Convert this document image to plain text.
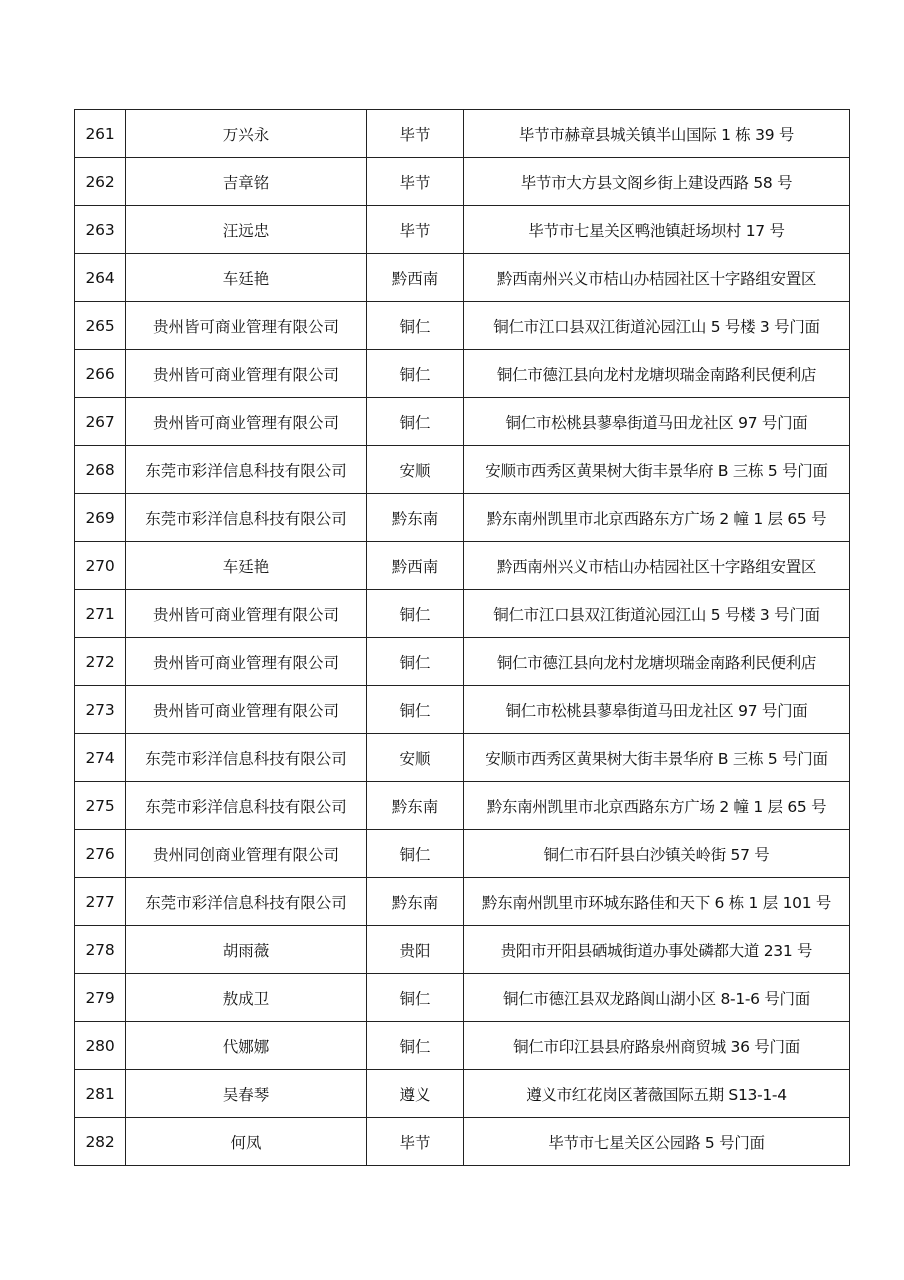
261	万兴永	毕节	毕节市赫章县城关镇半山国际 1 栋 39 号
262	吉章铭	毕节	毕节市大方县文阁乡街上建设西路 58 号
263	汪远忠	毕节	毕节市七星关区鸭池镇赶场坝村 17 号
264	车廷艳	黔西南	黔西南州兴义市桔山办桔园社区十字路组安置区
265	贵州皆可商业管理有限公司	铜仁	铜仁市江口县双江街道沁园江山 5 号楼 3 号门面
266	贵州皆可商业管理有限公司	铜仁	铜仁市德江县向龙村龙塘坝瑞金南路利民便利店
267	贵州皆可商业管理有限公司	铜仁	铜仁市松桃县蓼皋街道马田龙社区 97 号门面
268	东莞市彩洋信息科技有限公司	安顺	安顺市西秀区黄果树大街丰景华府 B 三栋 5 号门面
269	东莞市彩洋信息科技有限公司	黔东南	黔东南州凯里市北京西路东方广场 2 幢 1 层 65 号
270	车廷艳	黔西南	黔西南州兴义市桔山办桔园社区十字路组安置区
271	贵州皆可商业管理有限公司	铜仁	铜仁市江口县双江街道沁园江山 5 号楼 3 号门面
272	贵州皆可商业管理有限公司	铜仁	铜仁市德江县向龙村龙塘坝瑞金南路利民便利店
273	贵州皆可商业管理有限公司	铜仁	铜仁市松桃县蓼皋街道马田龙社区 97 号门面
274	东莞市彩洋信息科技有限公司	安顺	安顺市西秀区黄果树大街丰景华府 B 三栋 5 号门面
275	东莞市彩洋信息科技有限公司	黔东南	黔东南州凯里市北京西路东方广场 2 幢 1 层 65 号
276	贵州同创商业管理有限公司	铜仁	铜仁市石阡县白沙镇关岭街 57 号
277	东莞市彩洋信息科技有限公司	黔东南	黔东南州凯里市环城东路佳和天下 6 栋 1 层 101 号
278	胡雨薇	贵阳	贵阳市开阳县硒城街道办事处磷都大道 231 号
279	敖成卫	铜仁	铜仁市德江县双龙路阆山湖小区 8-1-6 号门面
280	代娜娜	铜仁	铜仁市印江县县府路泉州商贸城 36 号门面
281	吴春琴	遵义	遵义市红花岗区著薇国际五期 S13-1-4
282	何凤	毕节	毕节市七星关区公园路 5 号门面
